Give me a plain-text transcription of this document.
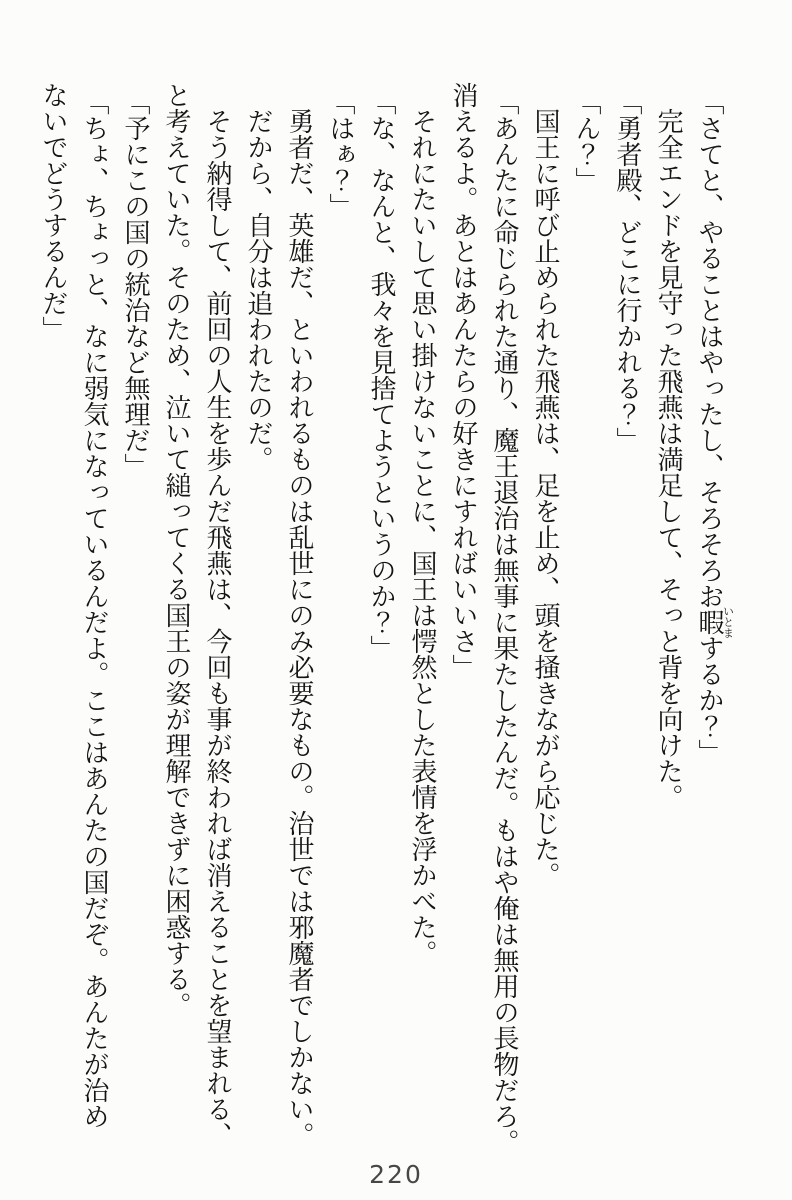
「さてと、やることはやったし、そろそろお暇いとまするか？」
完全エンドを見守った飛燕は満足して、そっと背を向けた。
「勇者殿、どこに行かれる？」
「ん？」
国王に呼び止められた飛燕は、足を止め、頭を掻きながら応じた。
「あんたに命じられた通り、魔王退治は無事に果たしたんだ。もはや俺は無用の長物だろ。
消えるよ。あとはあんたらの好きにすればいいさ」
それにたいして思い掛けないことに、国王は愕然とした表情を浮かべた。
「な、なんと、我々を見捨てようというのか？」
「はぁ？」
勇者だ、英雄だ、といわれるものは乱世にのみ必要なもの。治世では邪魔者でしかない。
だから、自分は追われたのだ。
そう納得して、前回の人生を歩んだ飛燕は、今回も事が終われば消えることを望まれる、
と考えていた。そのため、泣いて縋ってくる国王の姿が理解できずに困惑する。
「予にこの国の統治など無理だ」
「ちょ、ちょっと、なに弱気になっているんだよ。ここはあんたの国だぞ。あんたが治め
ないでどうするんだ」
220
